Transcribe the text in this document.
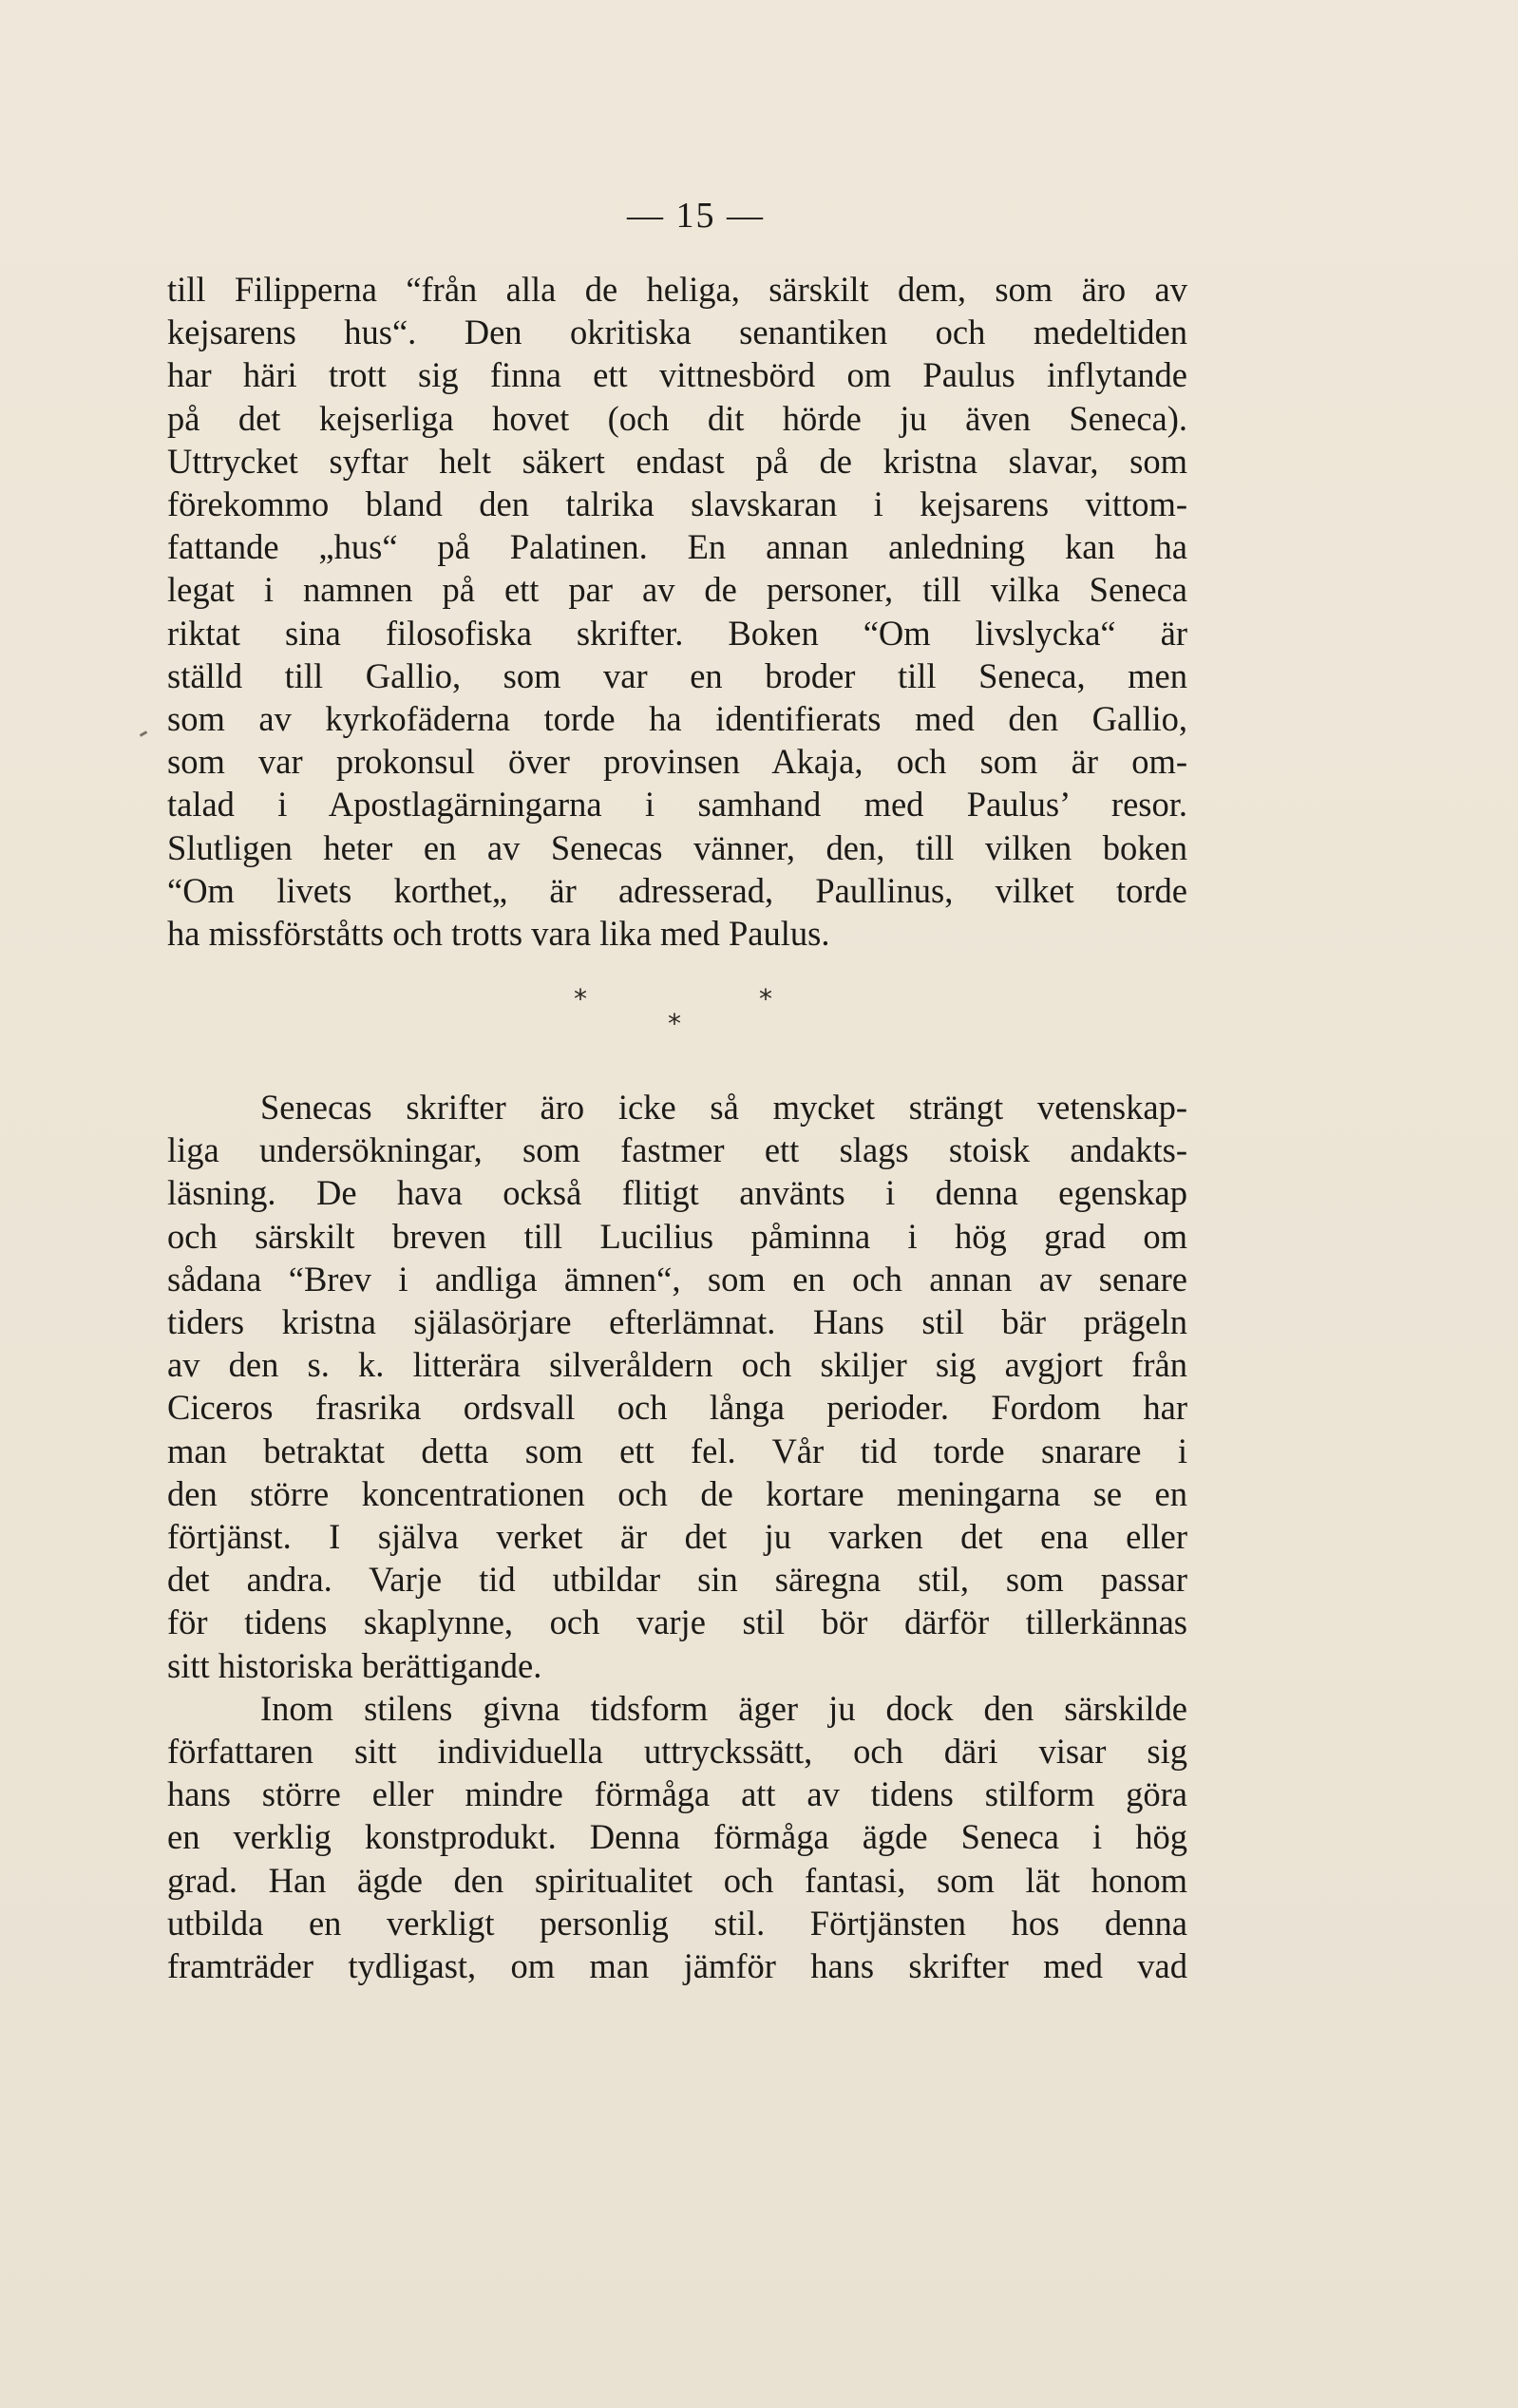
— 15 —
till Filipperna “från alla de heliga, särskilt dem, som äro av
kejsarens hus“. Den okritiska senantiken och medeltiden
har häri trott sig finna ett vittnesbörd om Paulus inflytande
på det kejserliga hovet (och dit hörde ju även Seneca).
Uttrycket syftar helt säkert endast på de kristna slavar, som
förekommo bland den talrika slavskaran i kejsarens vittom-
fattande „hus“ på Palatinen. En annan anledning kan ha
legat i namnen på ett par av de personer, till vilka Seneca
riktat sina filosofiska skrifter. Boken “Om livslycka“ är
ställd till Gallio, som var en broder till Seneca, men
som av kyrkofäderna torde ha identifierats med den Gallio,
som var prokonsul över provinsen Akaja, och som är om-
talad i Apostlagärningarna i samhand med Paulus’ resor.
Slutligen heter en av Senecas vänner, den, till vilken boken
“Om livets korthet„ är adresserad, Paullinus, vilket torde
ha missförståtts och trotts vara lika med Paulus.
*
*
*
Senecas skrifter äro icke så mycket strängt vetenskap-
liga undersökningar, som fastmer ett slags stoisk andakts-
läsning. De hava också flitigt använts i denna egenskap
och särskilt breven till Lucilius påminna i hög grad om
sådana “Brev i andliga ämnen“, som en och annan av senare
tiders kristna själasörjare efterlämnat. Hans stil bär prägeln
av den s. k. litterära silveråldern och skiljer sig avgjort från
Ciceros frasrika ordsvall och långa perioder. Fordom har
man betraktat detta som ett fel. Vår tid torde snarare i
den större koncentrationen och de kortare meningarna se en
förtjänst. I själva verket är det ju varken det ena eller
det andra. Varje tid utbildar sin säregna stil, som passar
för tidens skaplynne, och varje stil bör därför tillerkännas
sitt historiska berättigande.
Inom stilens givna tidsform äger ju dock den särskilde
författaren sitt individuella uttryckssätt, och däri visar sig
hans större eller mindre förmåga att av tidens stilform göra
en verklig konstprodukt. Denna förmåga ägde Seneca i hög
grad. Han ägde den spiritualitet och fantasi, som lät honom
utbilda en verkligt personlig stil. Förtjänsten hos denna
framträder tydligast, om man jämför hans skrifter med vad
